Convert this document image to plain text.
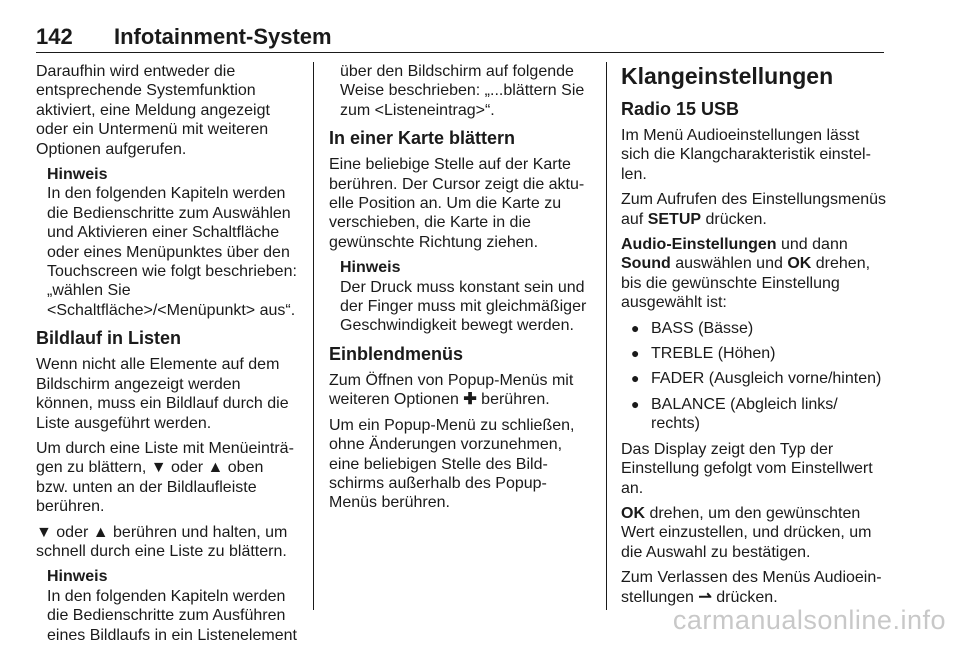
142 Infotainment-System

Daraufhin wird entweder die entsprechende Systemfunktion aktiviert, eine Meldung angezeigt oder ein Untermenü mit weiteren Optionen aufgerufen.

Hinweis
In den folgenden Kapiteln werden die Bedienschritte zum Auswählen und Aktivieren einer Schaltfläche oder eines Menüpunktes über den Touchscreen wie folgt beschrieben: „wählen Sie <Schaltfläche>/<Menüpunkt> aus“.
Bildlauf in Listen

Wenn nicht alle Elemente auf dem Bildschirm angezeigt werden können, muss ein Bildlauf durch die Liste ausgeführt werden.

Um durch eine Liste mit Menüeinträgen zu blättern, ▼ oder ▲ oben bzw. unten an der Bildlaufleiste berühren.

▼ oder ▲ berühren und halten, um schnell durch eine Liste zu blättern.

Hinweis
In den folgenden Kapiteln werden die Bedienschritte zum Ausführen eines Bildlaufs in ein Listenelement
über den Bildschirm auf folgende Weise beschrieben: „...blättern Sie zum <Listeneintrag>“.
In einer Karte blättern

Eine beliebige Stelle auf der Karte berühren. Der Cursor zeigt die aktuelle Position an. Um die Karte zu verschieben, die Karte in die gewünschte Richtung ziehen.

Hinweis
Der Druck muss konstant sein und der Finger muss mit gleichmäßiger Geschwindigkeit bewegt werden.
Einblendmenüs

Zum Öffnen von Popup-Menüs mit weiteren Optionen ✚ berühren.

Um ein Popup-Menü zu schließen, ohne Änderungen vorzunehmen, eine beliebigen Stelle des Bildschirms außerhalb des Popup-Menüs berühren.

Klangeinstellungen
Radio 15 USB

Im Menü Audioeinstellungen lässt sich die Klangcharakteristik einstellen.

Zum Aufrufen des Einstellungsmenüs auf SETUP drücken.

Audio-Einstellungen und dann Sound auswählen und OK drehen, bis die gewünschte Einstellung ausgewählt ist:

● BASS (Bässe)
● TREBLE (Höhen)
● FADER (Ausgleich vorne/hinten)
● BALANCE (Abgleich links/ rechts)

Das Display zeigt den Typ der Einstellung gefolgt vom Einstellwert an.

OK drehen, um den gewünschten Wert einzustellen, und drücken, um die Auswahl zu bestätigen.

Zum Verlassen des Menüs Audioeinstellungen ⇀ drücken.

carmanualsonline.info
